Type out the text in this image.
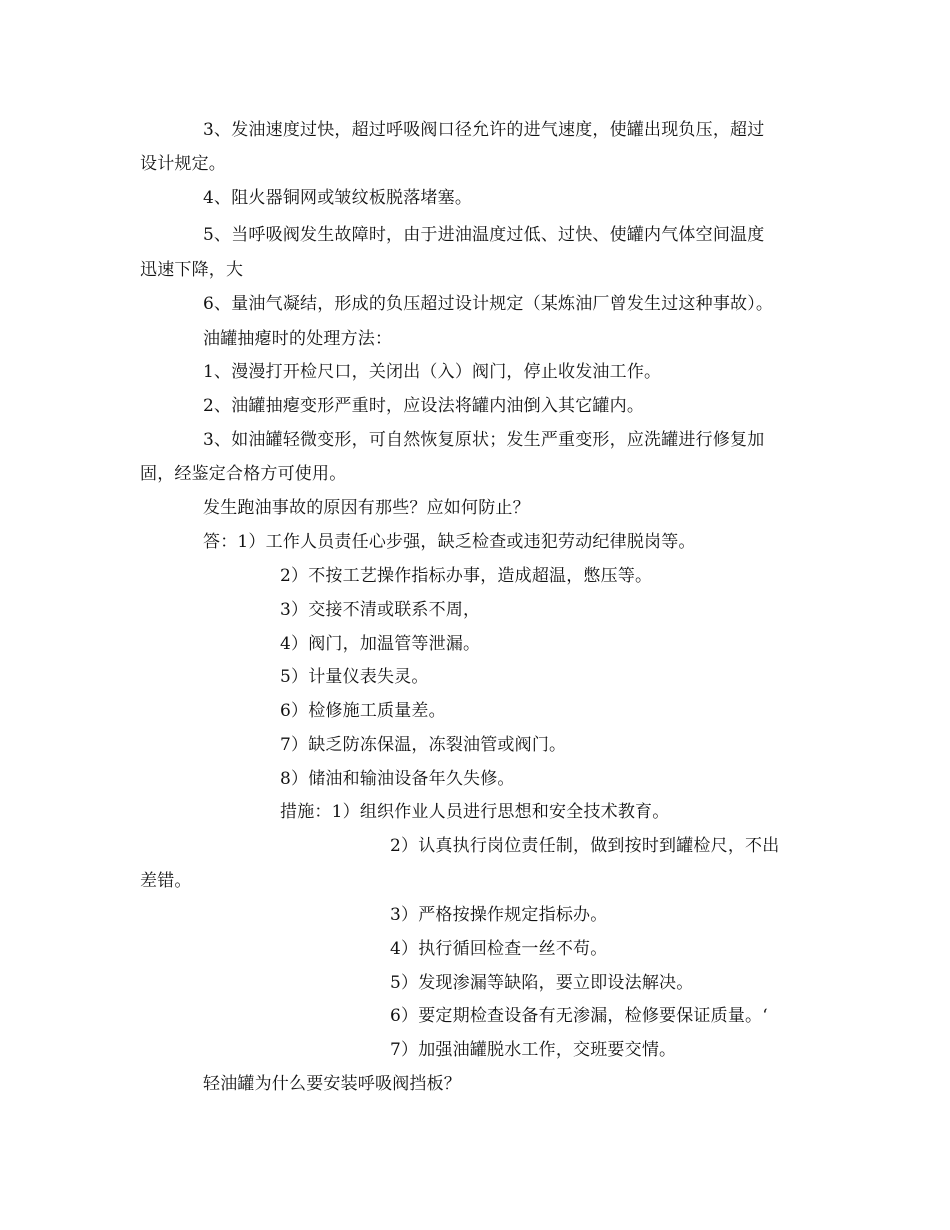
3、发油速度过快，超过呼吸阀口径允许的进气速度，使罐出现负压，超过
设计规定。
4、阻火器铜网或皱纹板脱落堵塞。
5、当呼吸阀发生故障时，由于进油温度过低、过快、使罐内气体空间温度
迅速下降，大
6、量油气凝结，形成的负压超过设计规定（某炼油厂曾发生过这种事故）。
油罐抽瘪时的处理方法：
1、漫漫打开检尺口，关闭出（入）阀门，停止收发油工作。
2、油罐抽瘪变形严重时，应设法将罐内油倒入其它罐内。
3、如油罐轻微变形，可自然恢复原状；发生严重变形，应洗罐进行修复加
固，经鉴定合格方可使用。
发生跑油事故的原因有那些？应如何防止？
答：1）工作人员责任心步强，缺乏检查或违犯劳动纪律脱岗等。
2）不按工艺操作指标办事，造成超温，憋压等。
3）交接不清或联系不周，
4）阀门，加温管等泄漏。
5）计量仪表失灵。
6）检修施工质量差。
7）缺乏防冻保温，冻裂油管或阀门。
8）储油和输油设备年久失修。
措施：1）组织作业人员进行思想和安全技术教育。
2）认真执行岗位责任制，做到按时到罐检尺，不出
差错。
3）严格按操作规定指标办。
4）执行循回检查一丝不苟。
5）发现渗漏等缺陷，要立即设法解决。
6）要定期检查设备有无渗漏，检修要保证质量。‘
7）加强油罐脱水工作，交班要交情。
轻油罐为什么要安装呼吸阀挡板？
